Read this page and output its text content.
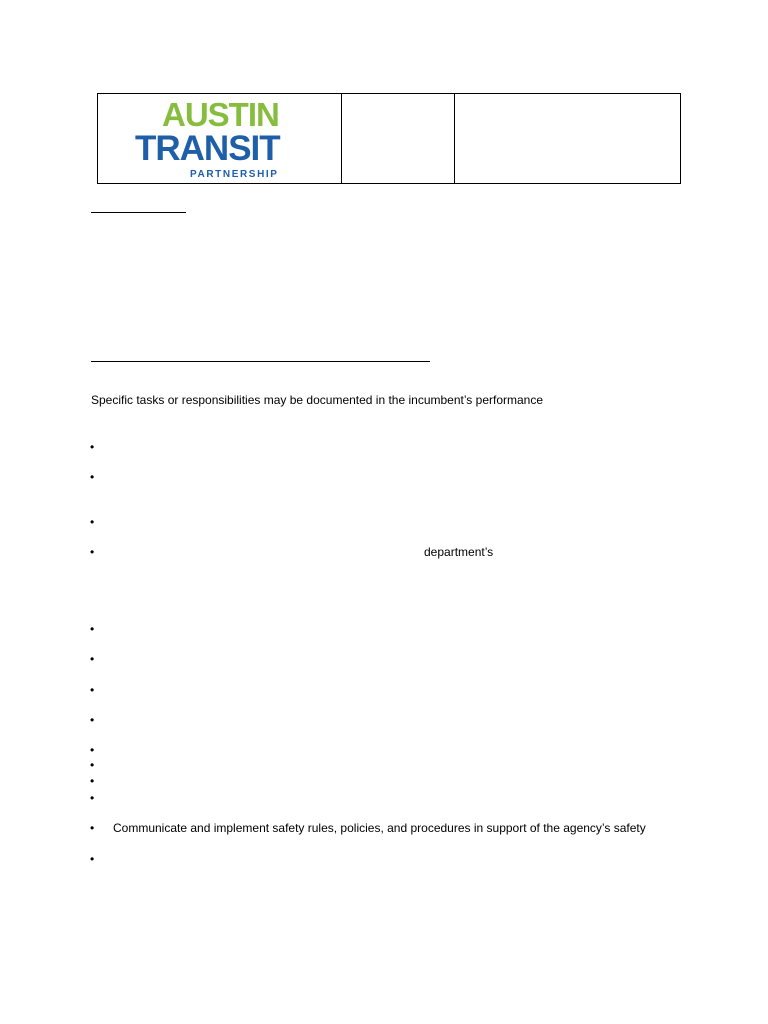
AUSTIN
TRANSIT
PARTNERSHIP

Specific tasks or responsibilities may be documented in the incumbent’s performance
•
•
•
•	department’s
•
•
•
•
•
•
•
•
• Communicate and implement safety rules, policies, and procedures in support of the agency’s safety
•
